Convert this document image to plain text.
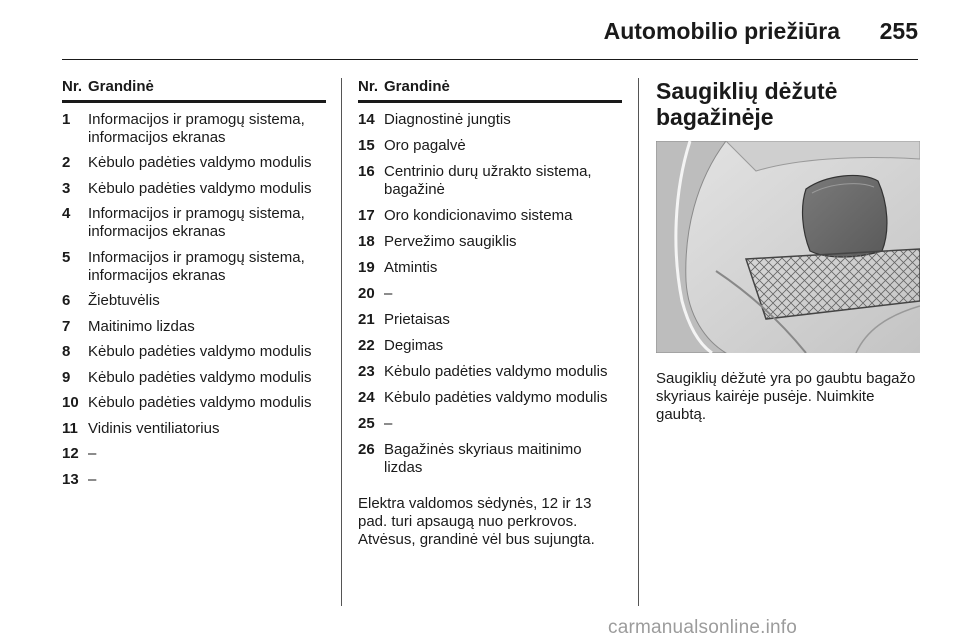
Automobilio priežiūra 255
Nr. Grandinė
1	Informacijos ir pramogų sistema, informacijos ekranas
2	Kėbulo padėties valdymo modulis
3	Kėbulo padėties valdymo modulis
4	Informacijos ir pramogų sistema, informacijos ekranas
5	Informacijos ir pramogų sistema, informacijos ekranas
6	Žiebtuvėlis
7	Maitinimo lizdas
8	Kėbulo padėties valdymo modulis
9	Kėbulo padėties valdymo modulis
10 Kėbulo padėties valdymo modulis
11 Vidinis ventiliatorius
12 –
13 –
Nr. Grandinė
14 Diagnostinė jungtis
15 Oro pagalvė
16 Centrinio durų užrakto sistema, bagažinė
17 Oro kondicionavimo sistema
18 Pervežimo saugiklis
19 Atmintis
20 –
21 Prietaisas
22 Degimas
23 Kėbulo padėties valdymo modulis
24 Kėbulo padėties valdymo modulis
25 –
26 Bagažinės skyriaus maitinimo lizdas
Elektra valdomos sėdynės, 12 ir 13 pad. turi apsaugą nuo perkrovos. Atvėsus, grandinė vėl bus sujungta.
Saugiklių dėžutė
bagažinėje
Saugiklių dėžutė yra po gaubtu bagažo skyriaus kairėje pusėje. Nuimkite gaubtą.
carmanualsonline.info
